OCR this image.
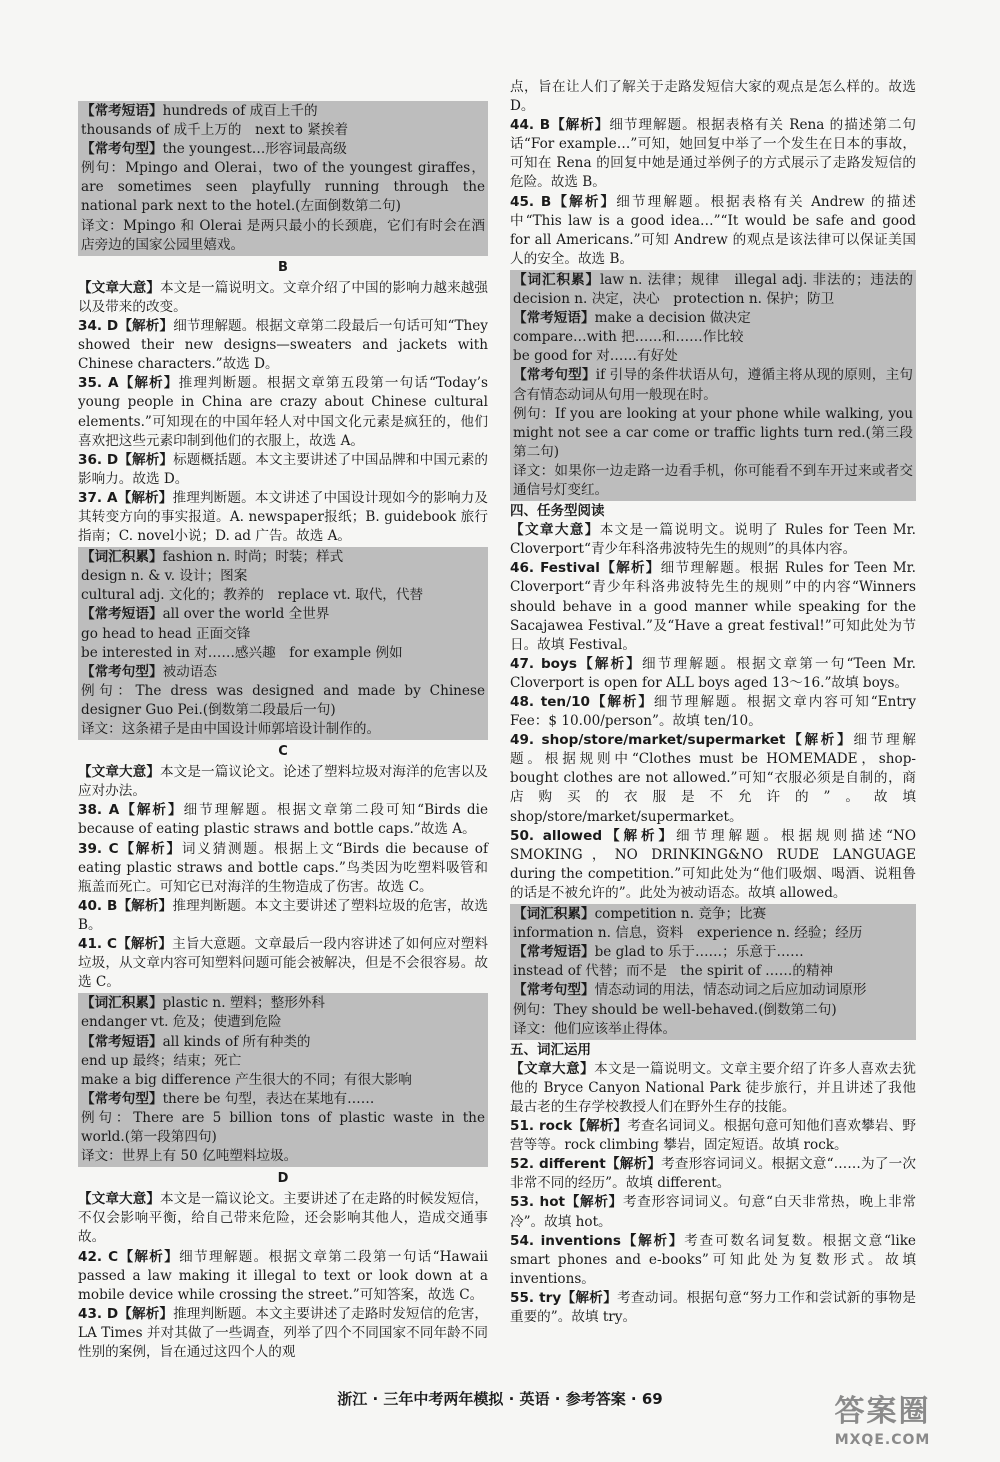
【常考短语】hundreds of 成百上千的

thousands of 成千上万的　next to 紧挨着

【常考句型】the youngest…形容词最高级

例句：Mpingo and Olerai，two of the youngest giraffes，are sometimes seen playfully running through the national park next to the hotel.(左面倒数第二句)

译文：Mpingo 和 Olerai 是两只最小的长颈鹿，它们有时会在酒店旁边的国家公园里嬉戏。

B

【文章大意】本文是一篇说明文。文章介绍了中国的影响力越来越强以及带来的改变。

34. D【解析】细节理解题。根据文章第二段最后一句话可知“They showed their new designs—sweaters and jackets with Chinese characters.”故选 D。

35. A【解析】推理判断题。根据文章第五段第一句话“Today’s young people in China are crazy about Chinese cultural elements.”可知现在的中国年轻人对中国文化元素是疯狂的，他们喜欢把这些元素印制到他们的衣服上，故选 A。

36. D【解析】标题概括题。本文主要讲述了中国品牌和中国元素的影响力。故选 D。

37. A【解析】推理判断题。本文讲述了中国设计现如今的影响力及其转变方向的事实报道。A. newspaper报纸；B. guidebook 旅行指南；C. novel小说；D. ad 广告。故选 A。

【词汇积累】fashion n. 时尚；时装；样式

design n. & v. 设计；图案

cultural adj. 文化的；教养的　replace vt. 取代，代替

【常考短语】all over the world 全世界

go head to head 正面交锋

be interested in 对……感兴趣　for example 例如

【常考句型】被动语态

例句：The dress was designed and made by Chinese designer Guo Pei.(倒数第二段最后一句)

译文：这条裙子是由中国设计师郭培设计制作的。

C

【文章大意】本文是一篇议论文。论述了塑料垃圾对海洋的危害以及应对办法。

38. A【解析】细节理解题。根据文章第二段可知“Birds die because of eating plastic straws and bottle caps.”故选 A。

39. C【解析】词义猜测题。根据上文“Birds die because of eating plastic straws and bottle caps.”鸟类因为吃塑料吸管和瓶盖而死亡。可知它已对海洋的生物造成了伤害。故选 C。

40. B【解析】推理判断题。本文主要讲述了塑料垃圾的危害，故选 B。

41. C【解析】主旨大意题。文章最后一段内容讲述了如何应对塑料垃圾，从文章内容可知塑料问题可能会被解决，但是不会很容易。故选 C。

【词汇积累】plastic n. 塑料；整形外科

endanger vt. 危及；使遭到危险

【常考短语】all kinds of 所有种类的

end up 最终；结束；死亡

make a big difference 产生很大的不同；有很大影响

【常考句型】there be 句型，表达在某地有……

例句：There are 5 billion tons of plastic waste in the world.(第一段第四句)

译文：世界上有 50 亿吨塑料垃圾。

D

【文章大意】本文是一篇议论文。主要讲述了在走路的时候发短信，不仅会影响平衡，给自己带来危险，还会影响其他人，造成交通事故。

42. C【解析】细节理解题。根据文章第二段第一句话“Hawaii passed a law making it illegal to text or look down at a mobile device while crossing the street.”可知答案，故选 C。

43. D【解析】推理判断题。本文主要讲述了走路时发短信的危害，LA Times 并对其做了一些调查，列举了四个不同国家不同年龄不同性别的案例，旨在通过这四个人的观

点，旨在让人们了解关于走路发短信大家的观点是怎么样的。故选 D。

44. B【解析】细节理解题。根据表格有关 Rena 的描述第二句话“For example…”可知，她回复中举了一个发生在日本的事故，可知在 Rena 的回复中她是通过举例子的方式展示了走路发短信的危险。故选 B。

45. B【解析】细节理解题。根据表格有关 Andrew 的描述中“This law is a good idea…”“It would be safe and good for all Americans.”可知 Andrew 的观点是该法律可以保证美国人的安全。故选 B。

【词汇积累】law n. 法律；规律　illegal adj. 非法的；违法的　decision n. 决定，决心　protection n. 保护；防卫

【常考短语】make a decision 做决定

compare…with 把……和……作比较

be good for 对……有好处

【常考句型】if 引导的条件状语从句，遵循主将从现的原则，主句含有情态动词从句用一般现在时。

例句：If you are looking at your phone while walking, you might not see a car come or traffic lights turn red.(第三段第二句)

译文：如果你一边走路一边看手机，你可能看不到车开过来或者交通信号灯变红。

四、任务型阅读

【文章大意】本文是一篇说明文。说明了 Rules for Teen Mr. Cloverport“青少年科洛弗波特先生的规则”的具体内容。

46. Festival【解析】细节理解题。根据 Rules for Teen Mr. Cloverport“青少年科洛弗波特先生的规则”中的内容“Winners should behave in a good manner while speaking for the Sacajawea Festival.”及“Have a great festival!”可知此处为节日。故填 Festival。

47. boys【解析】细节理解题。根据文章第一句“Teen Mr. Cloverport is open for ALL boys aged 13～16.”故填 boys。

48. ten/10【解析】细节理解题。根据文章内容可知“Entry Fee：$ 10.00/person”。故填 ten/10。

49. shop/store/market/supermarket【解析】细节理解题。根据规则中“Clothes must be HOMEMADE，shop-bought clothes are not allowed.”可知“衣服必须是自制的，商店购买的衣服是不允许的”。故填 shop/store/market/supermarket。

50. allowed【解析】细节理解题。根据规则描述“NO SMOKING，NO DRINKING&NO RUDE LANGUAGE during the competition.”可知此处为“他们吸烟、喝酒、说粗鲁的话是不被允许的”。此处为被动语态。故填 allowed。

【词汇积累】competition n. 竞争；比赛

information n. 信息，资料　experience n. 经验；经历

【常考短语】be glad to 乐于……；乐意于……

instead of 代替；而不是　the spirit of ……的精神

【常考句型】情态动词的用法，情态动词之后应加动词原形

例句：They should be well-behaved.(倒数第二句)

译文：他们应该举止得体。

五、词汇运用

【文章大意】本文是一篇说明文。文章主要介绍了许多人喜欢去犹他的 Bryce Canyon National Park 徒步旅行，并且讲述了我他最古老的生存学校教授人们在野外生存的技能。

51. rock【解析】考查名词词义。根据句意可知他们喜欢攀岩、野营等等。rock climbing 攀岩，固定短语。故填 rock。

52. different【解析】考查形容词词义。根据文意“……为了一次非常不同的经历”。故填 different。

53. hot【解析】考查形容词词义。句意“白天非常热，晚上非常冷”。故填 hot。

54. inventions【解析】考查可数名词复数。根据文意“like smart phones and e-books”可知此处为复数形式。故填 inventions。

55. try【解析】考查动词。根据句意“努力工作和尝试新的事物是重要的”。故填 try。

浙江 · 三年中考两年模拟 · 英语 · 参考答案 · 69	答案圈
MXQE.COM
